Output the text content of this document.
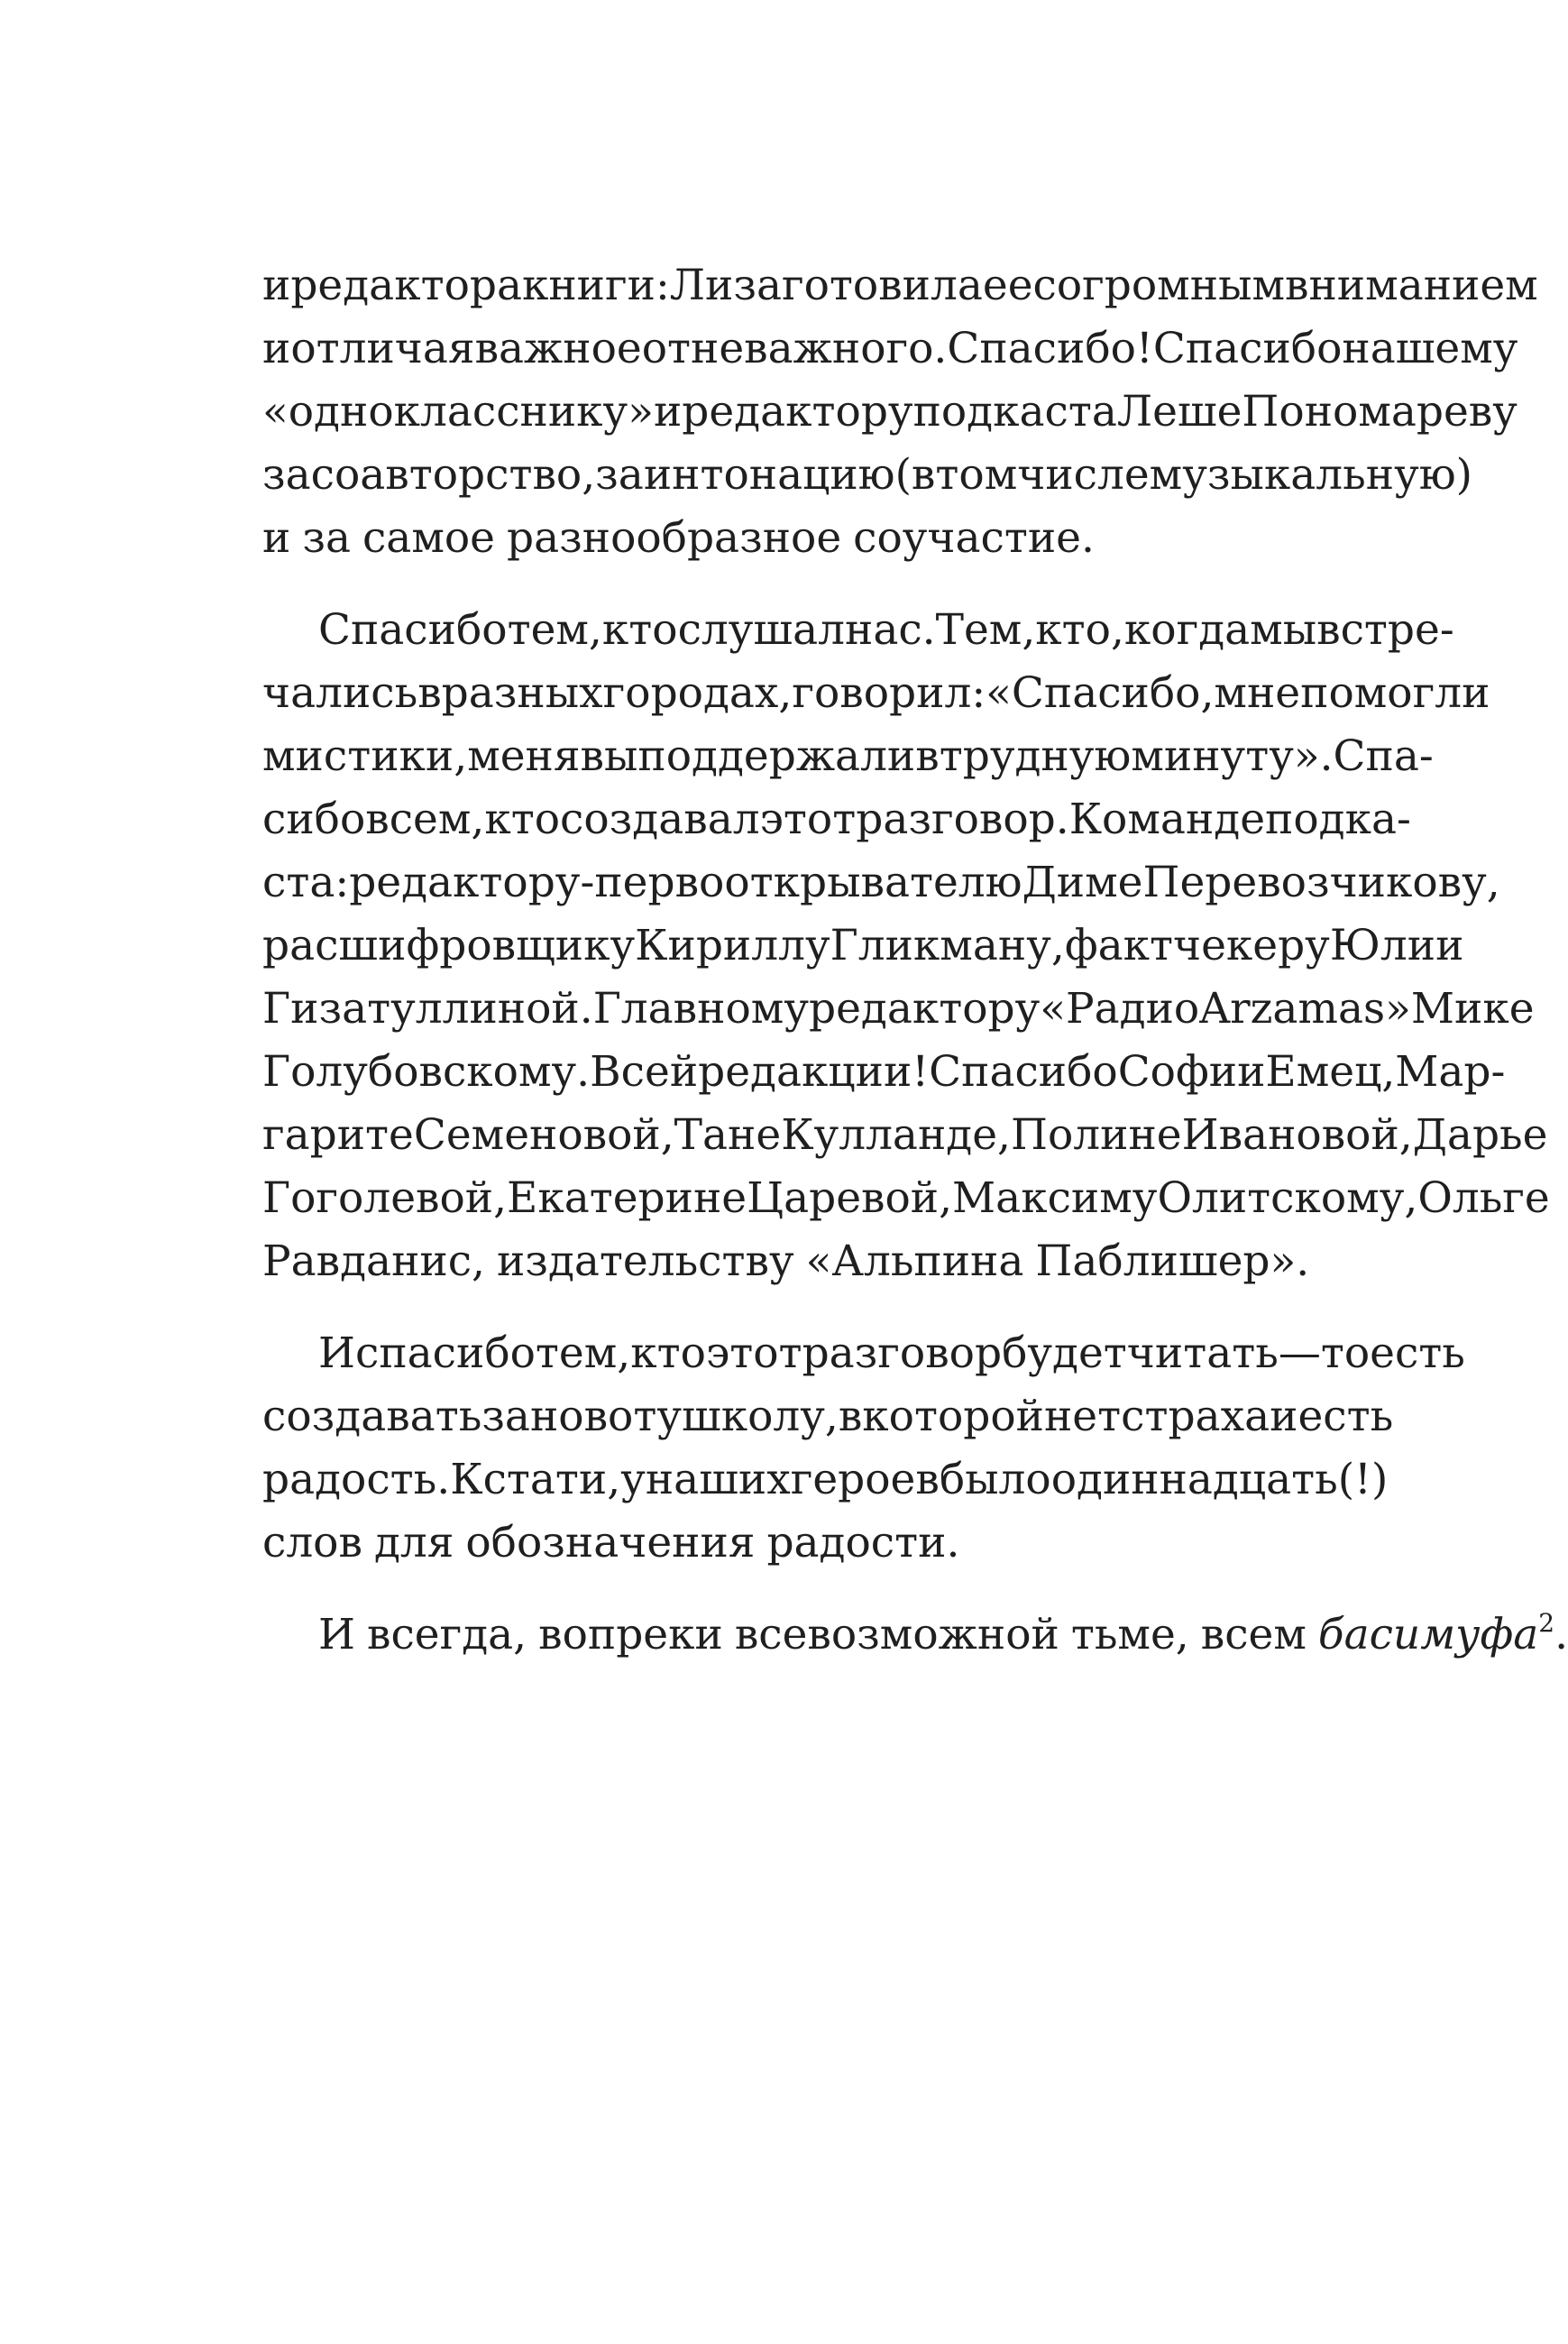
и редактора книги: Лиза готовила ее с огромным вниманием
и отличая важное от неважного. Спасибо! Спасибо нашему
«однокласснику» и редактору подкаста Леше Пономареву
за соавторство, за интонацию (в том числе музыкальную)
и за самое разнообразное соучастие.
Спасибо тем, кто слушал нас. Тем, кто, когда мы встре-
чались в разных городах, говорил: «Спасибо, мне помогли
мистики, меня вы поддержали в трудную минуту». Спа-
сибо всем, кто создавал этот разговор. Команде подка-
ста: редактору-первооткрывателю Диме Перевозчикову,
расшифровщику Кириллу Гликману, фактчекеру Юлии
Гизатуллиной. Главному редактору «Радио Arzamas» Мике
Голубовскому. Всей редакции! Спасибо Софии Емец, Мар-
гарите Семеновой, Тане Кулланде, Полине Ивановой, Дарье
Гоголевой, Екатерине Царевой, Максиму Олитскому, Ольге
Равданис, издательству «Альпина Паблишер».
И спасибо тем, кто этот разговор будет читать — то есть
создавать заново ту школу, в которой нет страха и есть
радость. Кстати, у наших героев было одиннадцать (!)
слов для обозначения радости.
И всегда, вопреки всевозможной тьме, всем басимуфа$^2$.
